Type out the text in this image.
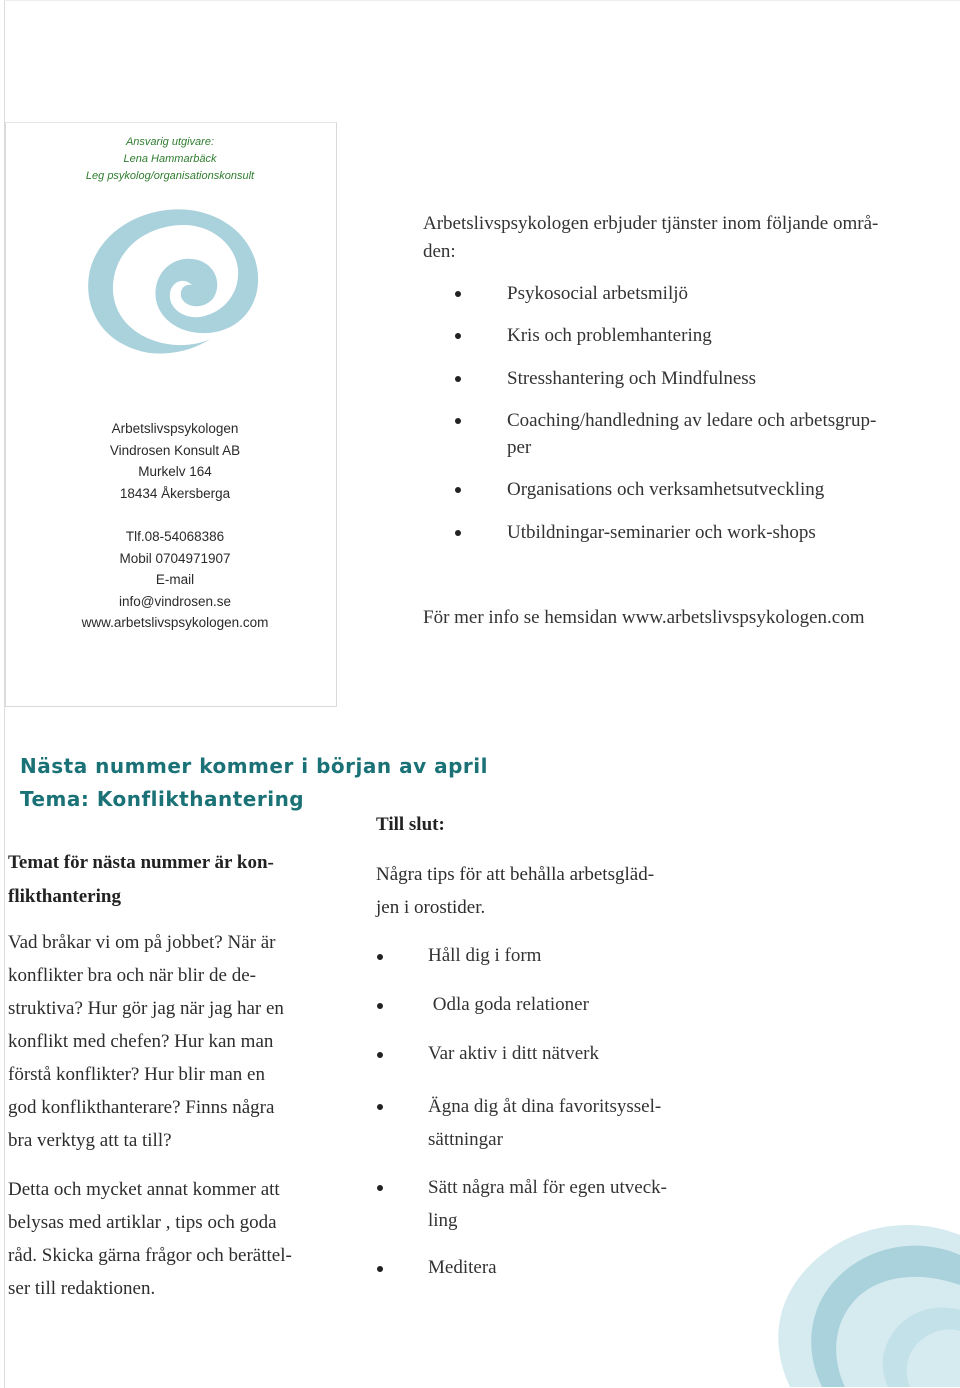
Ansvarig utgivare:
Lena Hammarbäck
Leg psykolog/organisationskonsult
Arbetslivspsykologen
Vindrosen Konsult AB
Murkelv 164
18434 Åkersberga
Tlf.08-54068386
Mobil 0704971907
E-mail
info@vindrosen.se
www.arbetslivspsykologen.com
Arbetslivspsykologen erbjuder tjänster inom följande områ-
den:
Psykosocial arbetsmiljö
Kris och problemhantering
Stresshantering och Mindfulness
Coaching/handledning av ledare och arbetsgrup-
per
Organisations och verksamhetsutveckling
Utbildningar-seminarier och work-shops
För mer info se hemsidan www.arbetslivspsykologen.com
Nästa nummer kommer i början av april
Tema: Konflikthantering
Temat för nästa nummer är kon-
flikthantering
Vad bråkar vi om på jobbet? När är
konflikter bra och när blir de de-
struktiva? Hur gör jag när jag har en
konflikt med chefen? Hur kan man
förstå konflikter? Hur blir man en
god konflikthanterare? Finns några
bra verktyg att ta till?
Detta och mycket annat kommer att
belysas med artiklar , tips och goda
råd. Skicka gärna frågor och berättel-
ser till redaktionen.
Till slut:
Några tips för att behålla arbetsgläd-
jen i orostider.
Håll dig i form
Odla goda relationer
Var aktiv i ditt nätverk
Ägna dig åt dina favoritsyssel-
sättningar
Sätt några mål för egen utveck-
ling
Meditera
